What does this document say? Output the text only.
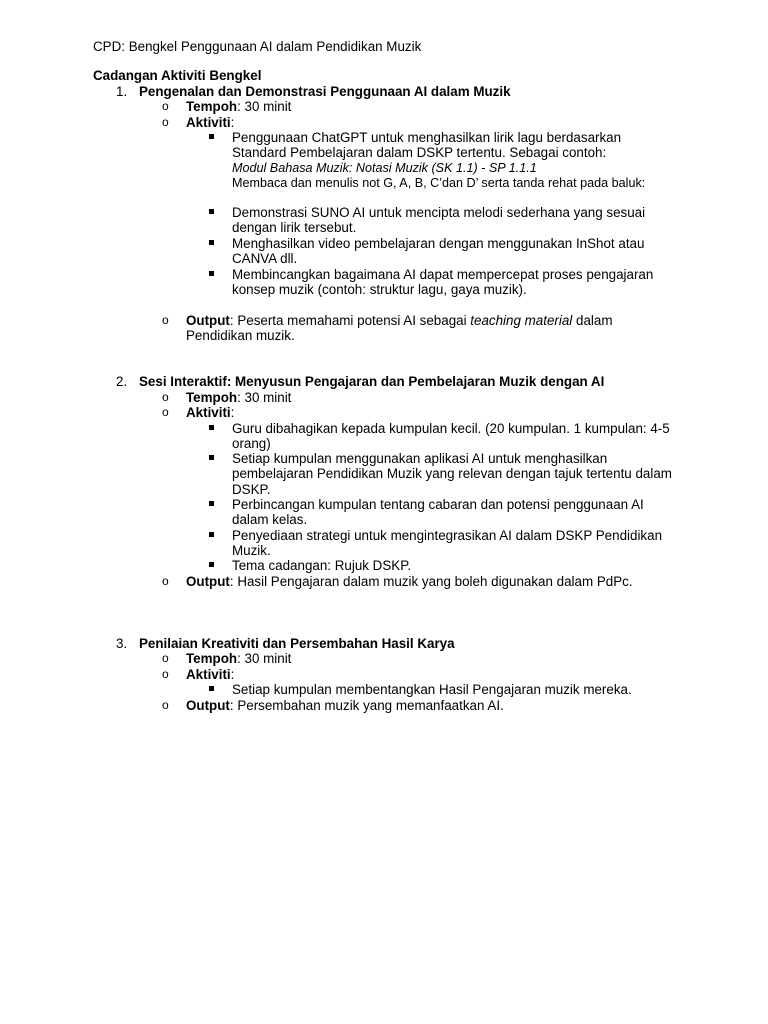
CPD: Bengkel Penggunaan AI dalam Pendidikan Muzik
Cadangan Aktiviti Bengkel
1. Pengenalan dan Demonstrasi Penggunaan AI dalam Muzik
o Tempoh: 30 minit
o Aktiviti:
Penggunaan ChatGPT untuk menghasilkan lirik lagu berdasarkan Standard Pembelajaran dalam DSKP tertentu. Sebagai contoh:
Modul Bahasa Muzik: Notasi Muzik (SK 1.1) - SP 1.1.1
Membaca dan menulis not G, A, B, C’dan D’ serta tanda rehat pada baluk:
Demonstrasi SUNO AI untuk mencipta melodi sederhana yang sesuai dengan lirik tersebut.
Menghasilkan video pembelajaran dengan menggunakan InShot atau CANVA dll.
Membincangkan bagaimana AI dapat mempercepat proses pengajaran konsep muzik (contoh: struktur lagu, gaya muzik).
o Output: Peserta memahami potensi AI sebagai teaching material dalam Pendidikan muzik.
2. Sesi Interaktif: Menyusun Pengajaran dan Pembelajaran Muzik dengan AI
o Tempoh: 30 minit
o Aktiviti:
Guru dibahagikan kepada kumpulan kecil. (20 kumpulan. 1 kumpulan: 4-5 orang)
Setiap kumpulan menggunakan aplikasi AI untuk menghasilkan pembelajaran Pendidikan Muzik yang relevan dengan tajuk tertentu dalam DSKP.
Perbincangan kumpulan tentang cabaran dan potensi penggunaan AI dalam kelas.
Penyediaan strategi untuk mengintegrasikan AI dalam DSKP Pendidikan Muzik.
Tema cadangan: Rujuk DSKP.
o Output: Hasil Pengajaran dalam muzik yang boleh digunakan dalam PdPc.
3. Penilaian Kreativiti dan Persembahan Hasil Karya
o Tempoh: 30 minit
o Aktiviti:
Setiap kumpulan membentangkan Hasil Pengajaran muzik mereka.
o Output: Persembahan muzik yang memanfaatkan AI.
